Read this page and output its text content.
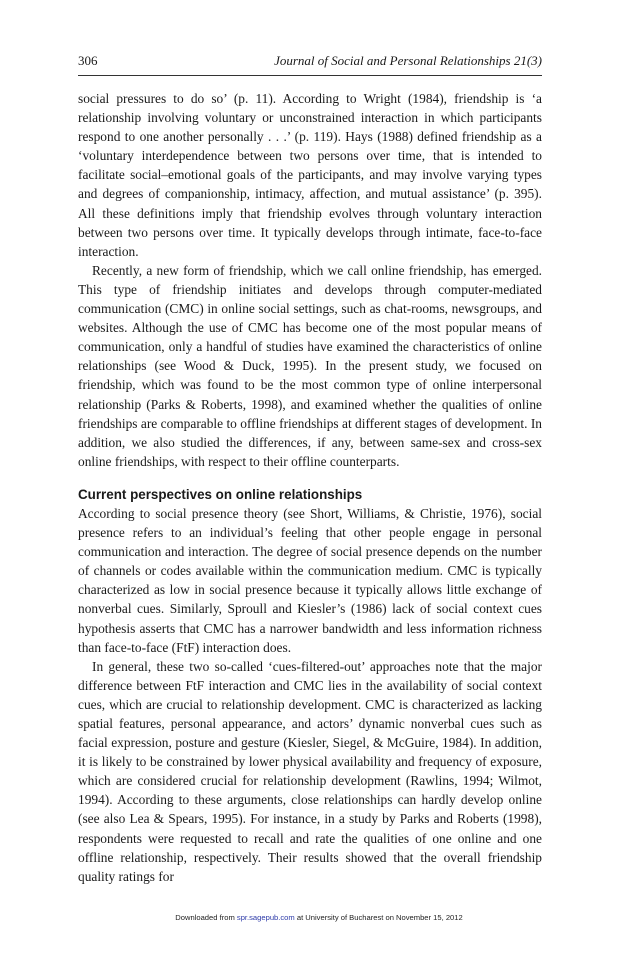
306	Journal of Social and Personal Relationships 21(3)

social pressures to do so’ (p. 11). According to Wright (1984), friendship is ‘a relationship involving voluntary or unconstrained interaction in which participants respond to one another personally . . .’ (p. 119). Hays (1988) defined friendship as a ‘voluntary interdependence between two persons over time, that is intended to facilitate social–emotional goals of the participants, and may involve varying types and degrees of companionship, intimacy, affection, and mutual assistance’ (p. 395). All these definitions imply that friendship evolves through voluntary interaction between two persons over time. It typically develops through intimate, face-to-face interaction.

Recently, a new form of friendship, which we call online friendship, has emerged. This type of friendship initiates and develops through computer-mediated communication (CMC) in online social settings, such as chat-rooms, newsgroups, and websites. Although the use of CMC has become one of the most popular means of communication, only a handful of studies have examined the characteristics of online relationships (see Wood & Duck, 1995). In the present study, we focused on friendship, which was found to be the most common type of online interpersonal relationship (Parks & Roberts, 1998), and examined whether the qualities of online friendships are comparable to offline friendships at different stages of development. In addition, we also studied the differences, if any, between same-sex and cross-sex online friendships, with respect to their offline counterparts.

Current perspectives on online relationships

According to social presence theory (see Short, Williams, & Christie, 1976), social presence refers to an individual’s feeling that other people engage in personal communication and interaction. The degree of social presence depends on the number of channels or codes available within the communication medium. CMC is typically characterized as low in social presence because it typically allows little exchange of nonverbal cues. Similarly, Sproull and Kiesler’s (1986) lack of social context cues hypothesis asserts that CMC has a narrower bandwidth and less information richness than face-to-face (FtF) interaction does.

In general, these two so-called ‘cues-filtered-out’ approaches note that the major difference between FtF interaction and CMC lies in the availability of social context cues, which are crucial to relationship development. CMC is characterized as lacking spatial features, personal appearance, and actors’ dynamic nonverbal cues such as facial expression, posture and gesture (Kiesler, Siegel, & McGuire, 1984). In addition, it is likely to be constrained by lower physical availability and frequency of exposure, which are considered crucial for relationship development (Rawlins, 1994; Wilmot, 1994). According to these arguments, close relationships can hardly develop online (see also Lea & Spears, 1995). For instance, in a study by Parks and Roberts (1998), respondents were requested to recall and rate the qualities of one online and one offline relationship, respectively. Their results showed that the overall friendship quality ratings for

Downloaded from spr.sagepub.com at University of Bucharest on November 15, 2012
